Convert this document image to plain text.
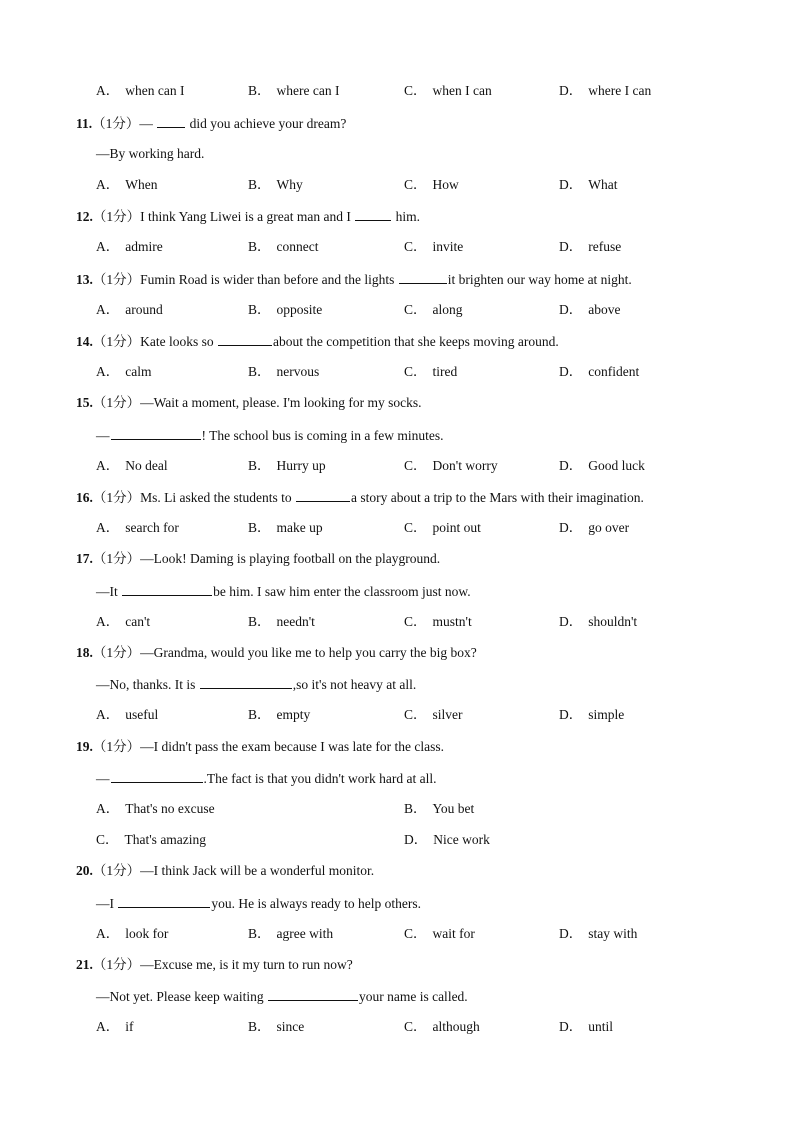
A． when can I	B． where can I	C． when I can	D． where I can
11.（1分）—	did you achieve your dream?
—By working hard.
A． When	B． Why	C． How	D． What
12.（1分）I think Yang Liwei is a great man and I	him.
A． admire	B． connect	C． invite	D． refuse
13.（1分）Fumin Road is wider than before and the lights	it brighten our way home at night.
A． around	B． opposite	C． along	D． above
14.（1分）Kate looks so	about the competition that she keeps moving around.
A． calm	B． nervous	C． tired	D． confident
15.（1分）—Wait a moment, please. I'm looking for my socks.
—	! The school bus is coming in a few minutes.
A． No deal	B． Hurry up	C． Don't worry	D． Good luck
16.（1分）Ms. Li asked the students to	a story about a trip to the Mars with their imagination.
A． search for	B． make up	C． point out	D． go over
17.（1分）—Look! Daming is playing football on the playground.
—It	be him. I saw him enter the classroom just now.
A． can't	B． needn't	C． mustn't	D． shouldn't
18.（1分）—Grandma, would you like me to help you carry the big box?
—No, thanks. It is	,so it's not heavy at all.
A． useful	B． empty	C． silver	D． simple
19.（1分）—I didn't pass the exam because I was late for the class.
—	.The fact is that you didn't work hard at all.
A． That's no excuse	B． You bet
C． That's amazing	D． Nice work
20.（1分）—I think Jack will be a wonderful monitor.
—I	you. He is always ready to help others.
A． look for	B． agree with	C． wait for	D． stay with
21.（1分）—Excuse me, is it my turn to run now?
—Not yet. Please keep waiting	your name is called.
A． if	B． since	C． although	D． until
